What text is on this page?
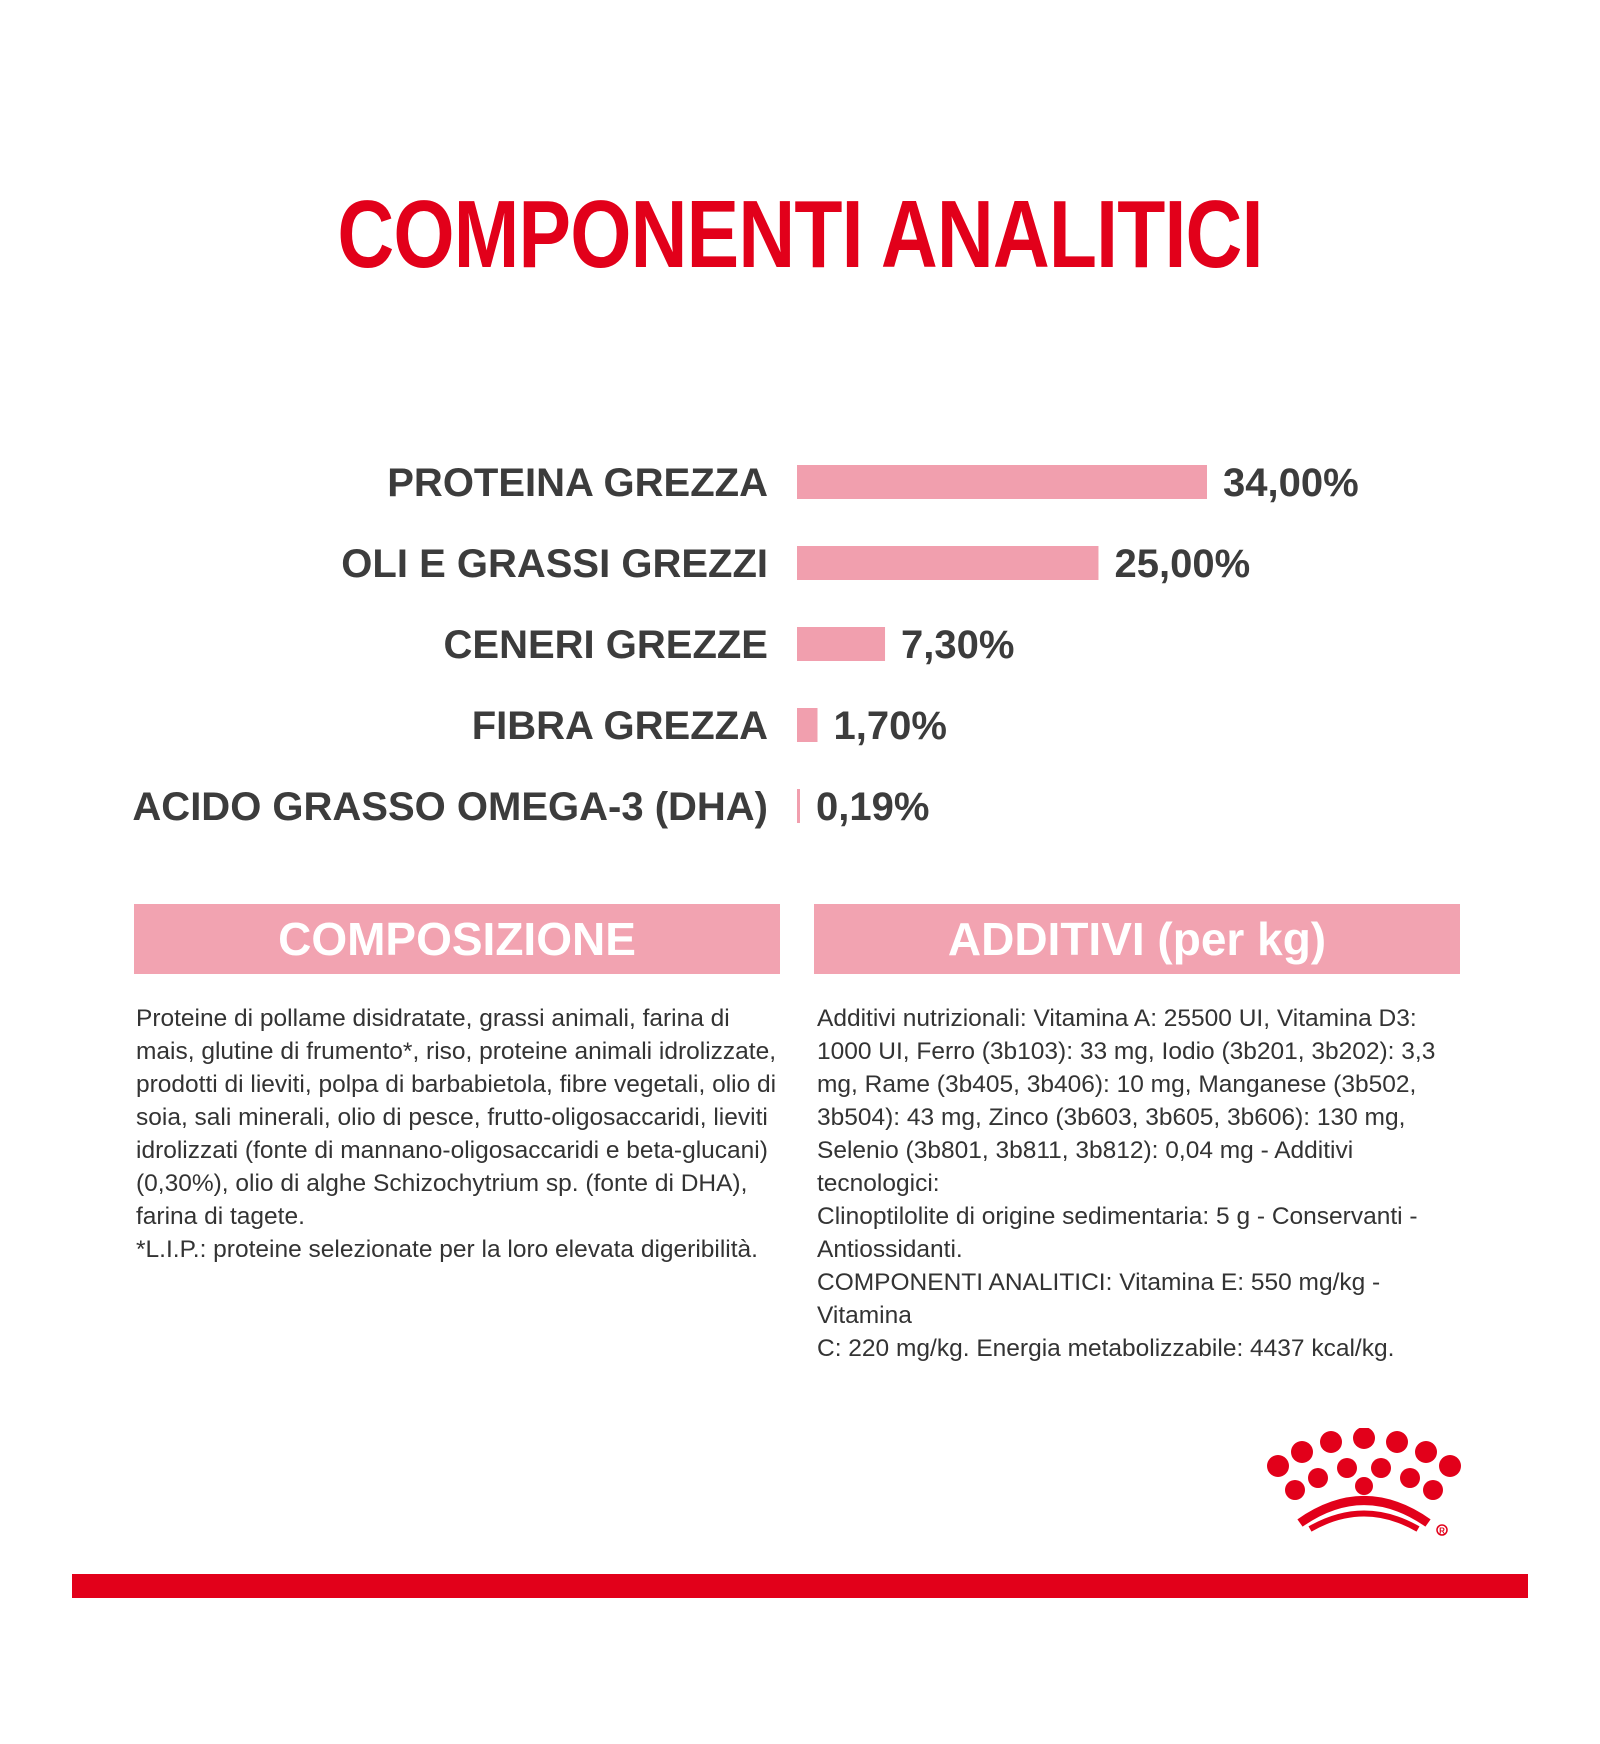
COMPONENTI ANALITICI
PROTEINA GREZZA	34,00%
OLI E GRASSI GREZZI	25,00%
CENERI GREZZE	7,30%
FIBRA GREZZA 1,70%
ACIDO GRASSO OMEGA-3 (DHA) 0,19%
COMPOSIZIONE
Proteine di pollame disidratate, grassi animali, farina di
mais, glutine di frumento*, riso, proteine animali idrolizzate,
prodotti di lieviti, polpa di barbabietola, fibre vegetali, olio di
soia, sali minerali, olio di pesce, frutto-oligosaccaridi, lieviti
idrolizzati (fonte di mannano-oligosaccaridi e beta-glucani)
(0,30%), olio di alghe Schizochytrium sp. (fonte di DHA),
farina di tagete.
*L.I.P.: proteine selezionate per la loro elevata digeribilità.
ADDITIVI (per kg)
Additivi nutrizionali: Vitamina A: 25500 UI, Vitamina D3:
1000 UI, Ferro (3b103): 33 mg, Iodio (3b201, 3b202): 3,3
mg, Rame (3b405, 3b406): 10 mg, Manganese (3b502,
3b504): 43 mg, Zinco (3b603, 3b605, 3b606): 130 mg,
Selenio (3b801, 3b811, 3b812): 0,04 mg - Additivi tecnologici:
Clinoptilolite di origine sedimentaria: 5 g - Conservanti -
Antiossidanti.
COMPONENTI ANALITICI: Vitamina E: 550 mg/kg - Vitamina
C: 220 mg/kg. Energia metabolizzabile: 4437 kcal/kg.
R
